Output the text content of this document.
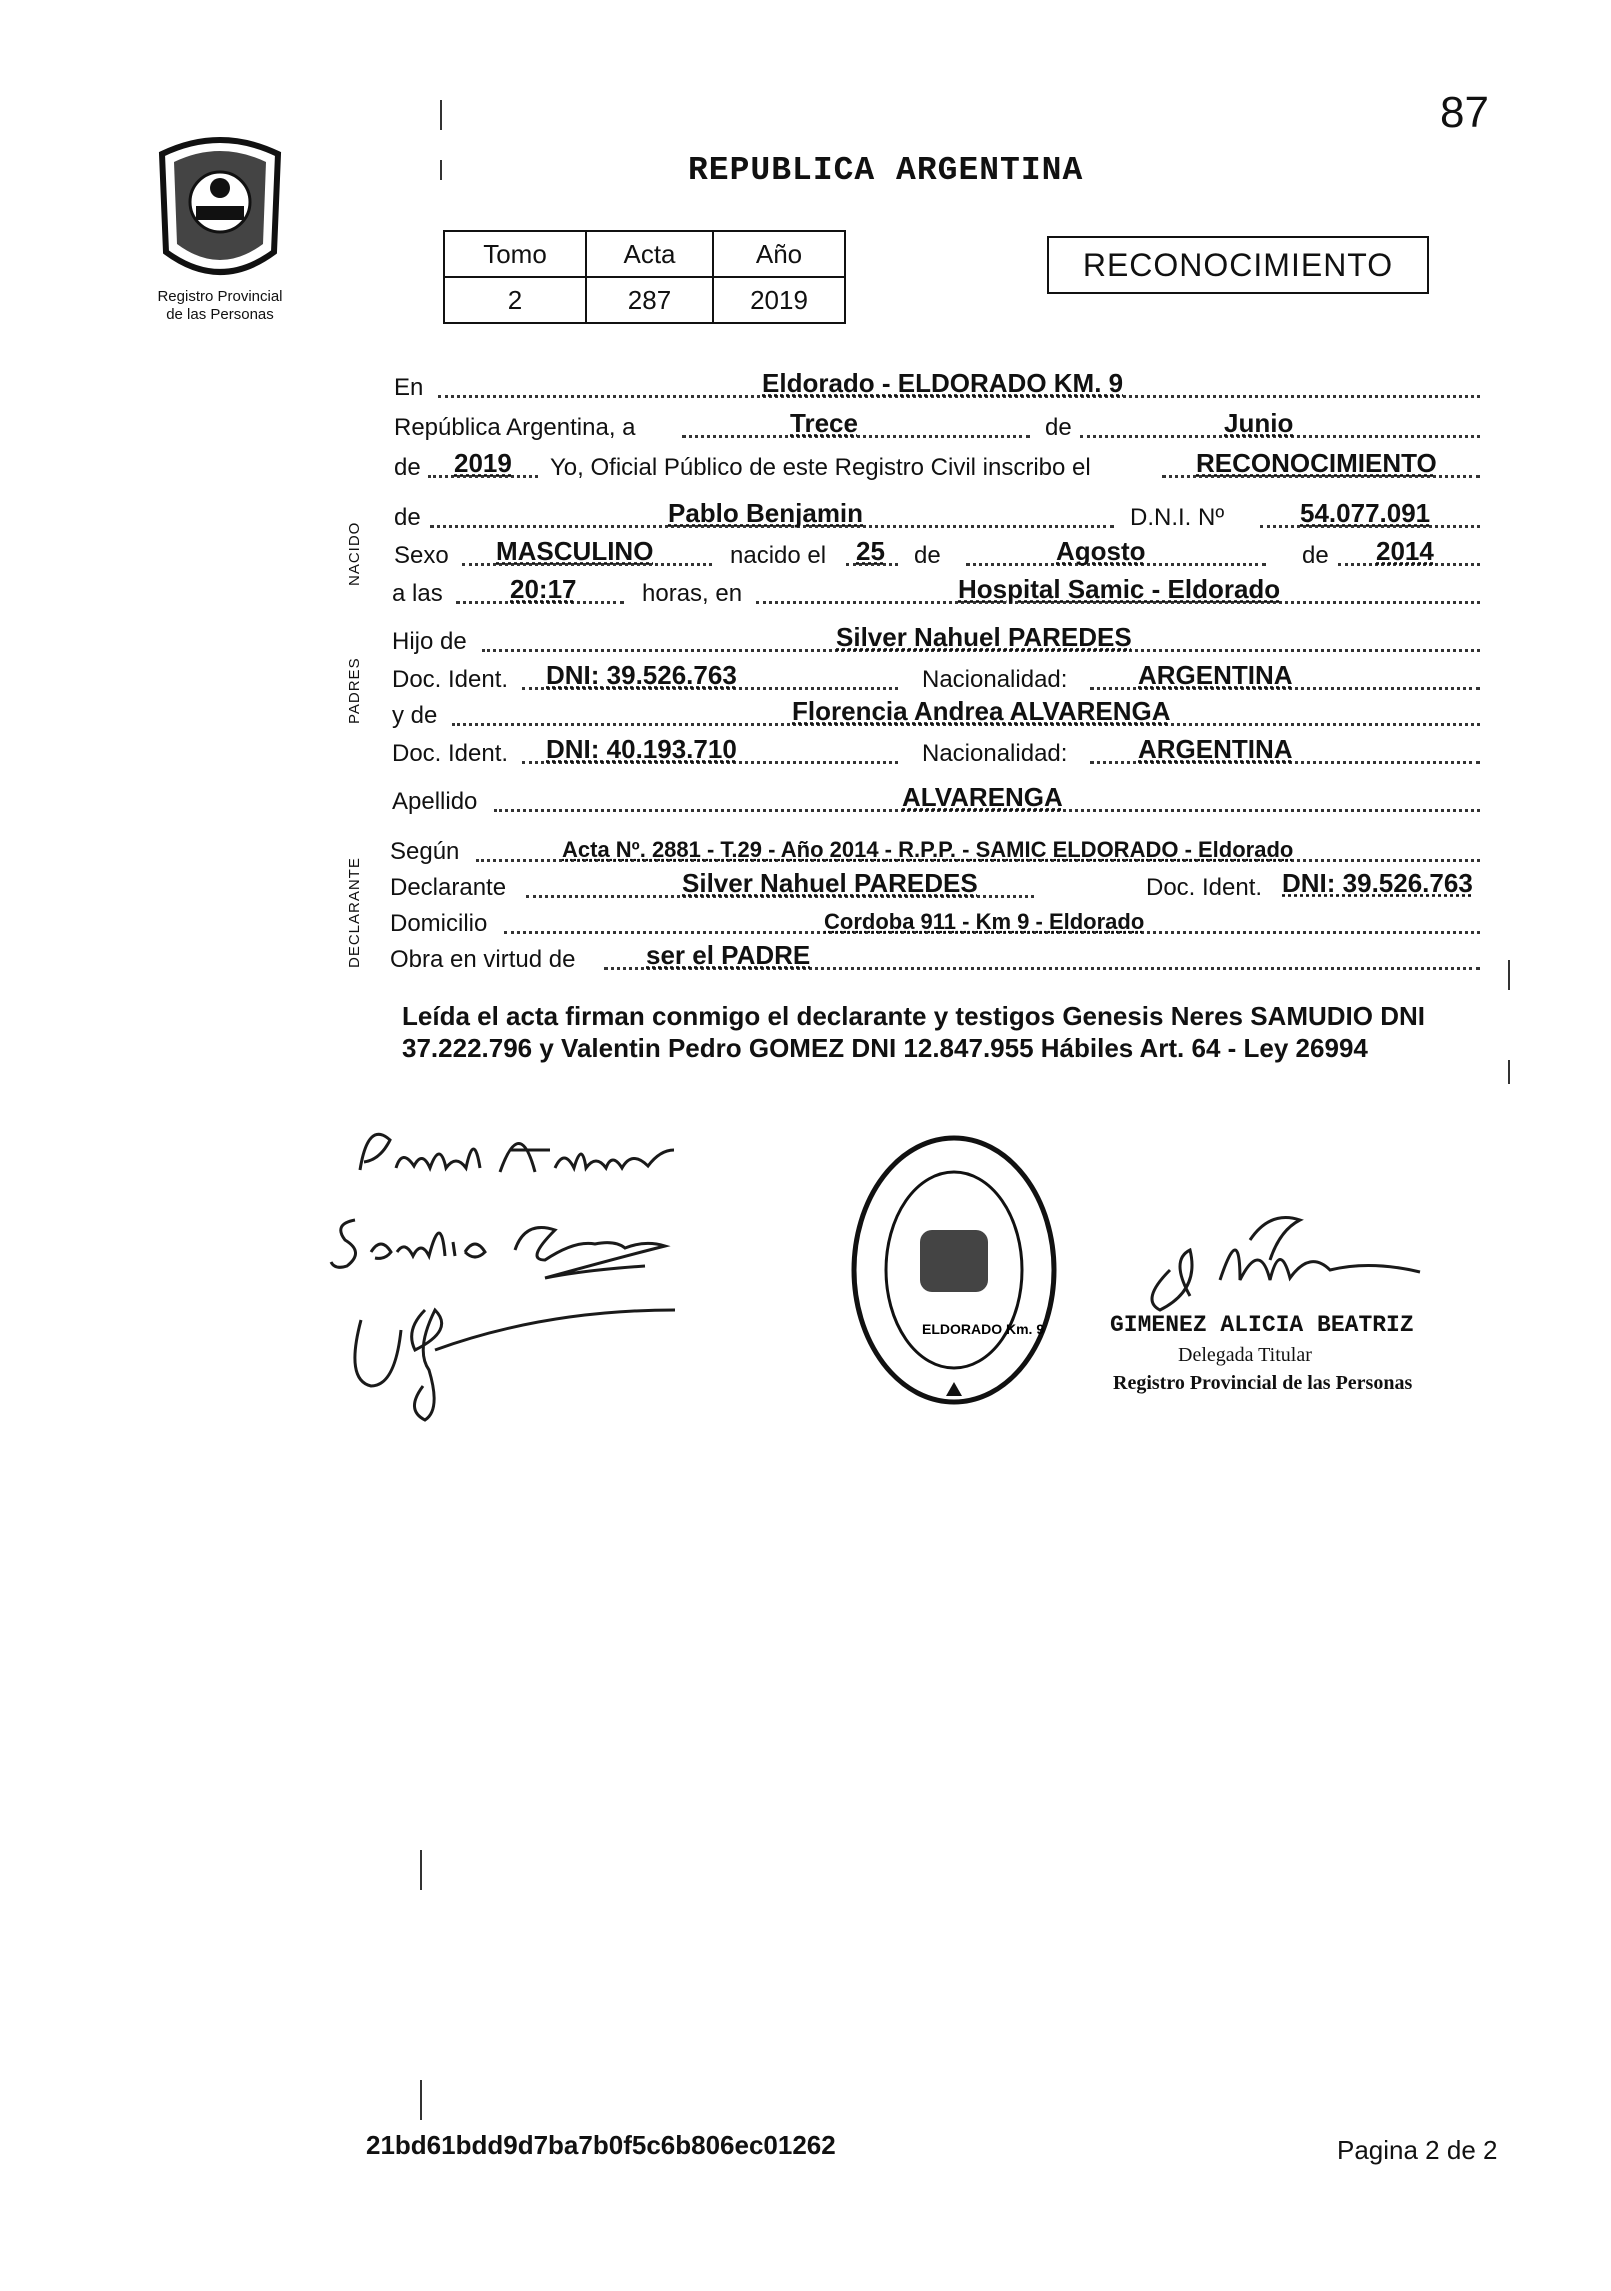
87
Registro Provincial
de las Personas
REPUBLICA ARGENTINA
Tomo	Acta	Año
2	287	2019
RECONOCIMIENTO
En	Eldorado - ELDORADO KM. 9
República Argentina, a	Trece	de	Junio
de 2019 Yo, Oficial Público de este Registro Civil inscribo el	RECONOCIMIENTO
NACIDO
de	Pablo Benjamin	D.N.I. Nº	54.077.091
Sexo MASCULINO	nacido el 25 de	Agosto	de 2014
a las	20:17	horas, en	Hospital Samic - Eldorado
PADRES
Hijo de	Silver Nahuel PAREDES
Doc. Ident. DNI: 39.526.763	Nacionalidad:	ARGENTINA
y de	Florencia Andrea ALVARENGA
Doc. Ident. DNI: 40.193.710	Nacionalidad:	ARGENTINA
Apellido	ALVARENGA
DECLARANTE
Según	Acta Nº. 2881 - T.29 - Año 2014 - R.P.P. - SAMIC ELDORADO - Eldorado
Declarante	Silver Nahuel PAREDES	Doc. Ident. DNI: 39.526.763
Domicilio	Cordoba 911 - Km 9 - Eldorado
Obra en virtud de	ser el PADRE
Leída el acta firman conmigo el declarante y testigos Genesis Neres SAMUDIO DNI 37.222.796 y Valentin Pedro GOMEZ DNI 12.847.955 Hábiles Art. 64 - Ley 26994
ELDORADO Km. 9	GIMENEZ ALICIA BEATRIZ
Delegada Titular
Registro Provincial de las Personas
21bd61bdd9d7ba7b0f5c6b806ec01262	Pagina 2 de 2
